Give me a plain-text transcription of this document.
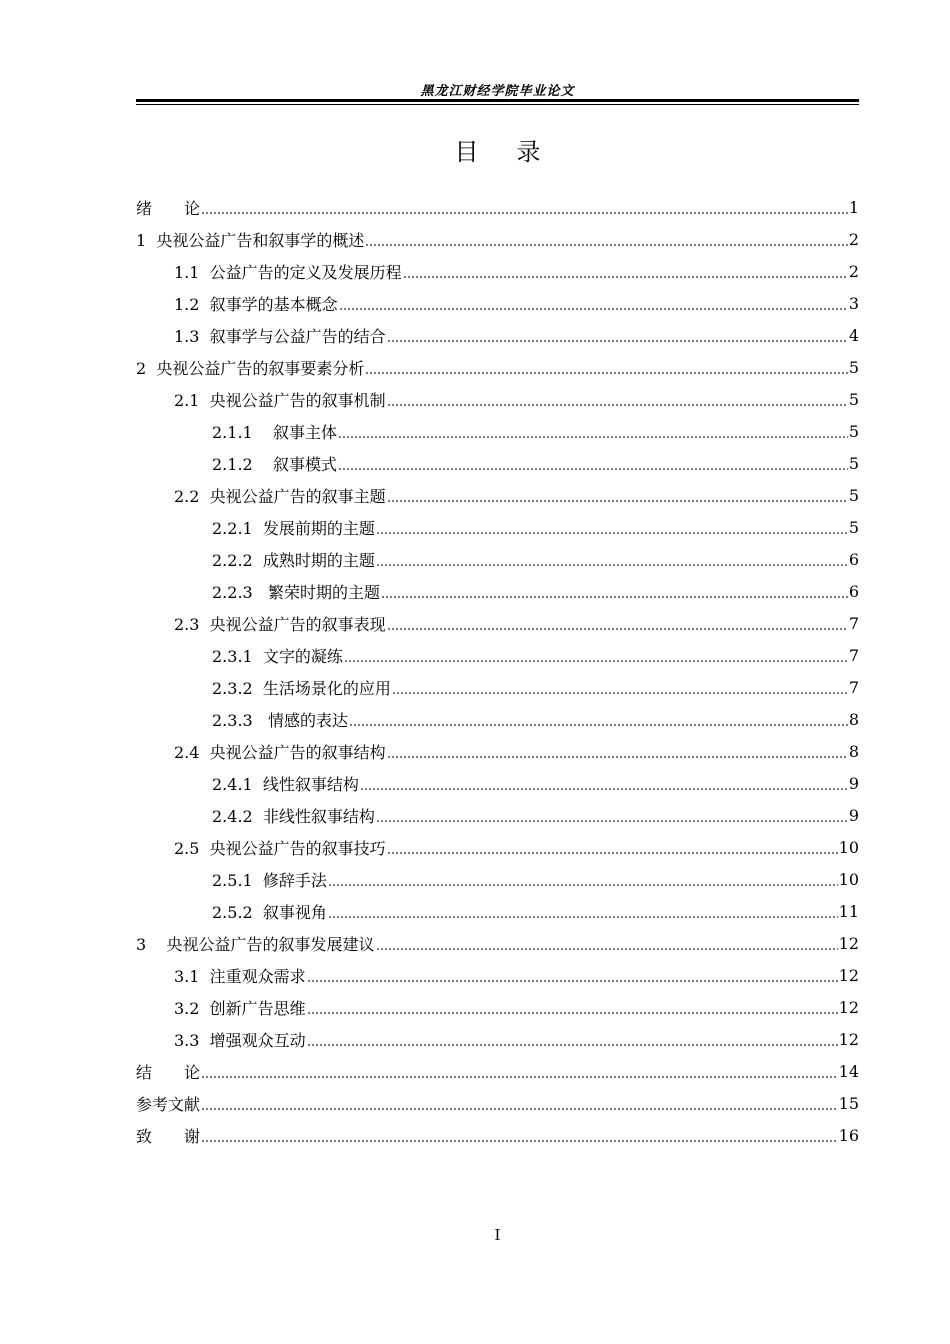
黑龙江财经学院毕业论文
目录
绪　　论	1
1  央视公益广告和叙事学的概述	2
1.1  公益广告的定义及发展历程	2
1.2  叙事学的基本概念	3
1.3  叙事学与公益广告的结合	4
2  央视公益广告的叙事要素分析	5
2.1  央视公益广告的叙事机制	5
2.1.1    叙事主体	5
2.1.2    叙事模式	5
2.2  央视公益广告的叙事主题	5
2.2.1  发展前期的主题	5
2.2.2  成熟时期的主题	6
2.2.3   繁荣时期的主题	6
2.3  央视公益广告的叙事表现	7
2.3.1  文字的凝练	7
2.3.2  生活场景化的应用	7
2.3.3   情感的表达	8
2.4  央视公益广告的叙事结构	8
2.4.1  线性叙事结构	9
2.4.2  非线性叙事结构	9
2.5  央视公益广告的叙事技巧	10
2.5.1  修辞手法	10
2.5.2  叙事视角	11
3    央视公益广告的叙事发展建议	12
3.1  注重观众需求	12
3.2  创新广告思维	12
3.3  增强观众互动	12
结　　论	14
参考文献	15
致　　谢	16
I
